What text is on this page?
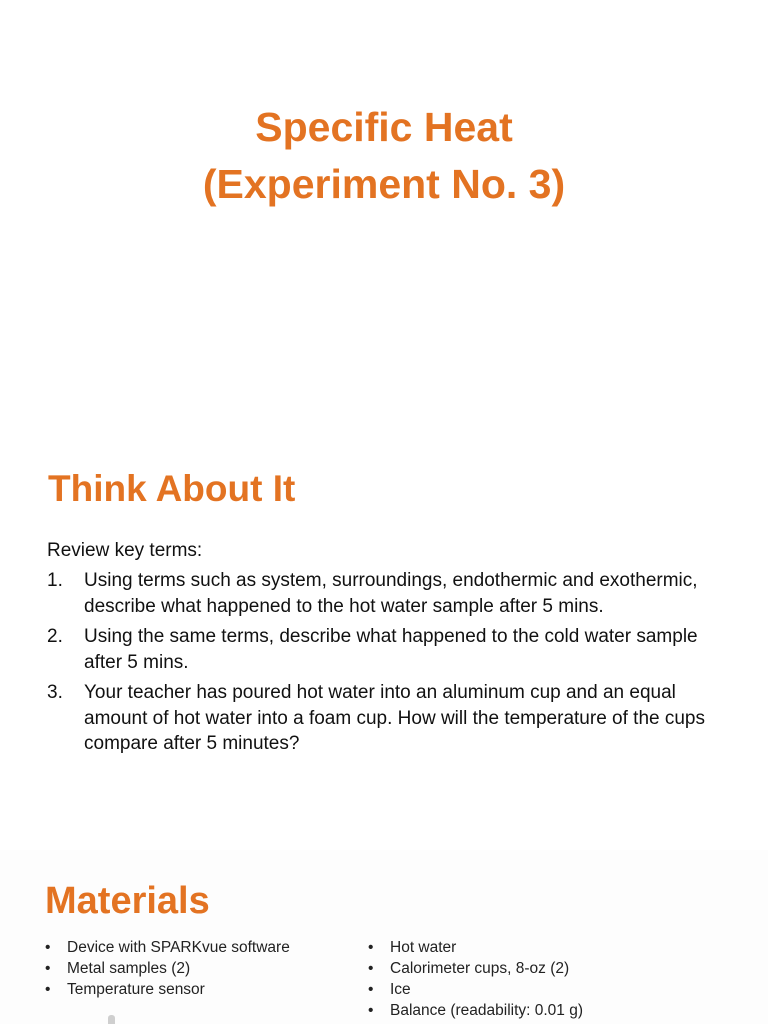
Specific Heat
(Experiment No. 3)
Think About It
Review key terms:
1. Using terms such as system, surroundings, endothermic and exothermic, describe what happened to the hot water sample after 5 mins.
2. Using the same terms, describe what happened to the cold water sample after 5 mins.
3. Your teacher has poured hot water into an aluminum cup and an equal amount of hot water into a foam cup. How will the temperature of the cups compare after 5 minutes?
Materials
• Device with SPARKvue software
• Metal samples (2)
• Temperature sensor
• Hot water
• Calorimeter cups, 8-oz (2)
• Ice
• Balance (readability: 0.01 g)
